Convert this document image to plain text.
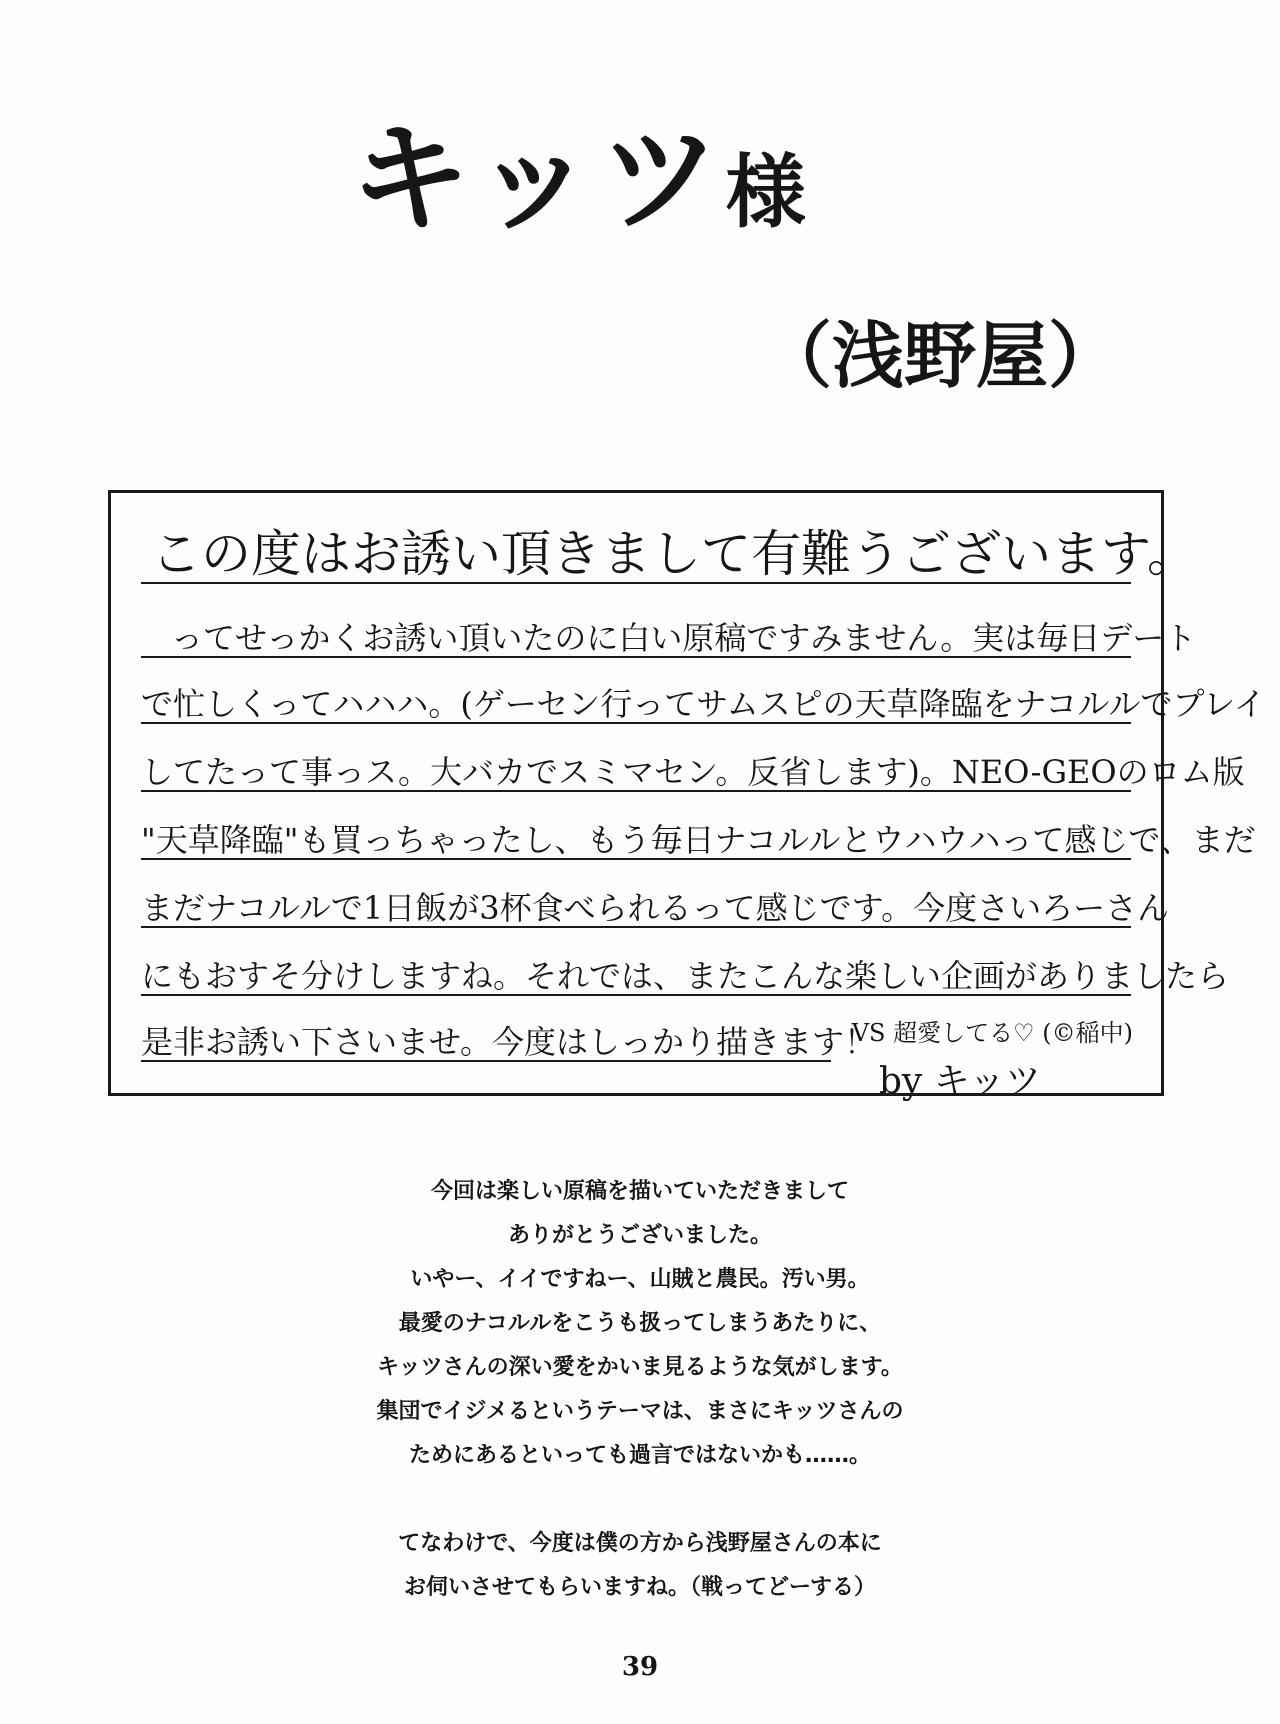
キッツ様
（浅野屋）
この度はお誘い頂きまして有難うございます。
ってせっかくお誘い頂いたのに白い原稿ですみません。実は毎日デート
で忙しくってハハハ。(ゲーセン行ってサムスピの天草降臨をナコルルでプレイ
してたって事っス。大バカでスミマセン。反省します)。NEO-GEOのロム版
"天草降臨"も買っちゃったし、もう毎日ナコルルとウハウハって感じで、まだ
まだナコルルで1日飯が3杯食べられるって感じです。今度さいろーさん
にもおすそ分けしますね。それでは、またこんな楽しい企画がありましたら
是非お誘い下さいませ。今度はしっかり描きます！
VS 超愛してる♡ (©稲中)
by キッツ

今回は楽しい原稿を描いていただきまして

ありがとうございました。

いやー、イイですねー、山賊と農民。汚い男。

最愛のナコルルをこうも扱ってしまうあたりに、

キッツさんの深い愛をかいま見るような気がします。

集団でイジメるというテーマは、まさにキッツさんの

ためにあるといっても過言ではないかも……。

てなわけで、今度は僕の方から浅野屋さんの本に

お伺いさせてもらいますね。（戦ってどーする）

39
